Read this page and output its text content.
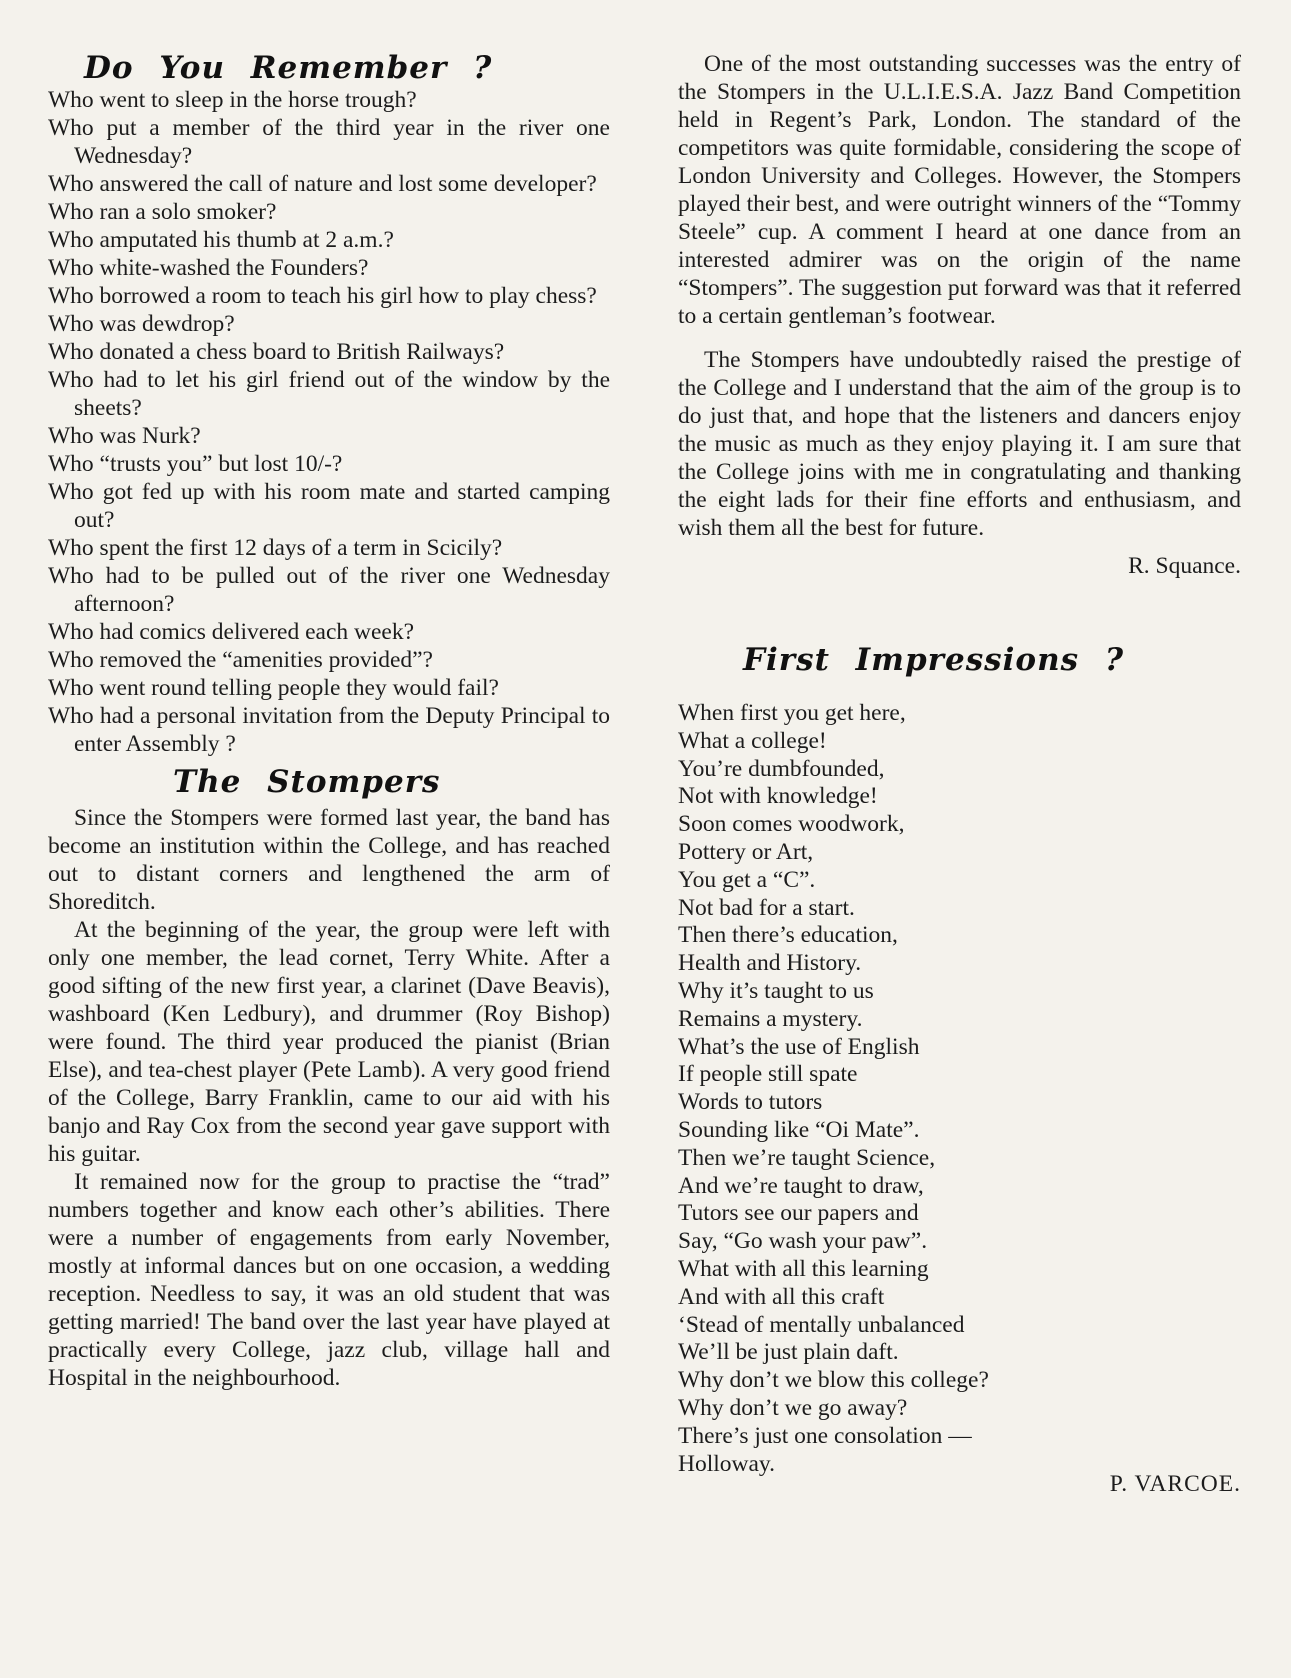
Do You Remember ?
Who went to sleep in the horse trough?
Who put a member of the third year in the river one Wednesday?
Who answered the call of nature and lost some developer?
Who ran a solo smoker?
Who amputated his thumb at 2 a.m.?
Who white-washed the Founders?
Who borrowed a room to teach his girl how to play chess?
Who was dewdrop?
Who donated a chess board to British Railways?
Who had to let his girl friend out of the window by the sheets?
Who was Nurk?
Who “trusts you” but lost 10/-?
Who got fed up with his room mate and started camping out?
Who spent the first 12 days of a term in Scicily?
Who had to be pulled out of the river one Wednesday afternoon?
Who had comics delivered each week?
Who removed the “amenities provided”?
Who went round telling people they would fail?
Who had a personal invitation from the Deputy Principal to enter Assembly ?
The Stompers

Since the Stompers were formed last year, the band has become an institution within the College, and has reached out to distant corners and lengthened the arm of Shoreditch.

At the beginning of the year, the group were left with only one member, the lead cornet, Terry White. After a good sifting of the new first year, a clarinet (Dave Beavis), washboard (Ken Ledbury), and drummer (Roy Bishop) were found. The third year produced the pianist (Brian Else), and tea-chest player (Pete Lamb). A very good friend of the College, Barry Franklin, came to our aid with his banjo and Ray Cox from the second year gave support with his guitar.

It remained now for the group to practise the “trad” numbers together and know each other’s abilities. There were a number of engagements from early November, mostly at informal dances but on one occasion, a wedding reception. Needless to say, it was an old student that was getting married! The band over the last year have played at practically every College, jazz club, village hall and Hospital in the neighbourhood.

One of the most outstanding successes was the entry of the Stompers in the U.L.I.E.S.A. Jazz Band Competition held in Regent’s Park, London. The standard of the competitors was quite formidable, considering the scope of London University and Colleges. However, the Stompers played their best, and were outright winners of the “Tommy Steele” cup. A comment I heard at one dance from an interested admirer was on the origin of the name “Stompers”. The suggestion put forward was that it referred to a certain gentleman’s footwear.

The Stompers have undoubtedly raised the prestige of the College and I understand that the aim of the group is to do just that, and hope that the listeners and dancers enjoy the music as much as they enjoy playing it. I am sure that the College joins with me in congratulating and thanking the eight lads for their fine efforts and enthusiasm, and wish them all the best for future.

R. Squance.
First Impressions ?
When first you get here,
What a college!
You’re dumbfounded,
Not with knowledge!
Soon comes woodwork,
Pottery or Art,
You get a “C”.
Not bad for a start.
Then there’s education,
Health and History.
Why it’s taught to us
Remains a mystery.
What’s the use of English
If people still spate
Words to tutors
Sounding like “Oi Mate”.
Then we’re taught Science,
And we’re taught to draw,
Tutors see our papers and
Say, “Go wash your paw”.
What with all this learning
And with all this craft
‘Stead of mentally unbalanced
We’ll be just plain daft.
Why don’t we blow this college?
Why don’t we go away?
There’s just one consolation —
Holloway.
P. VARCOE.
